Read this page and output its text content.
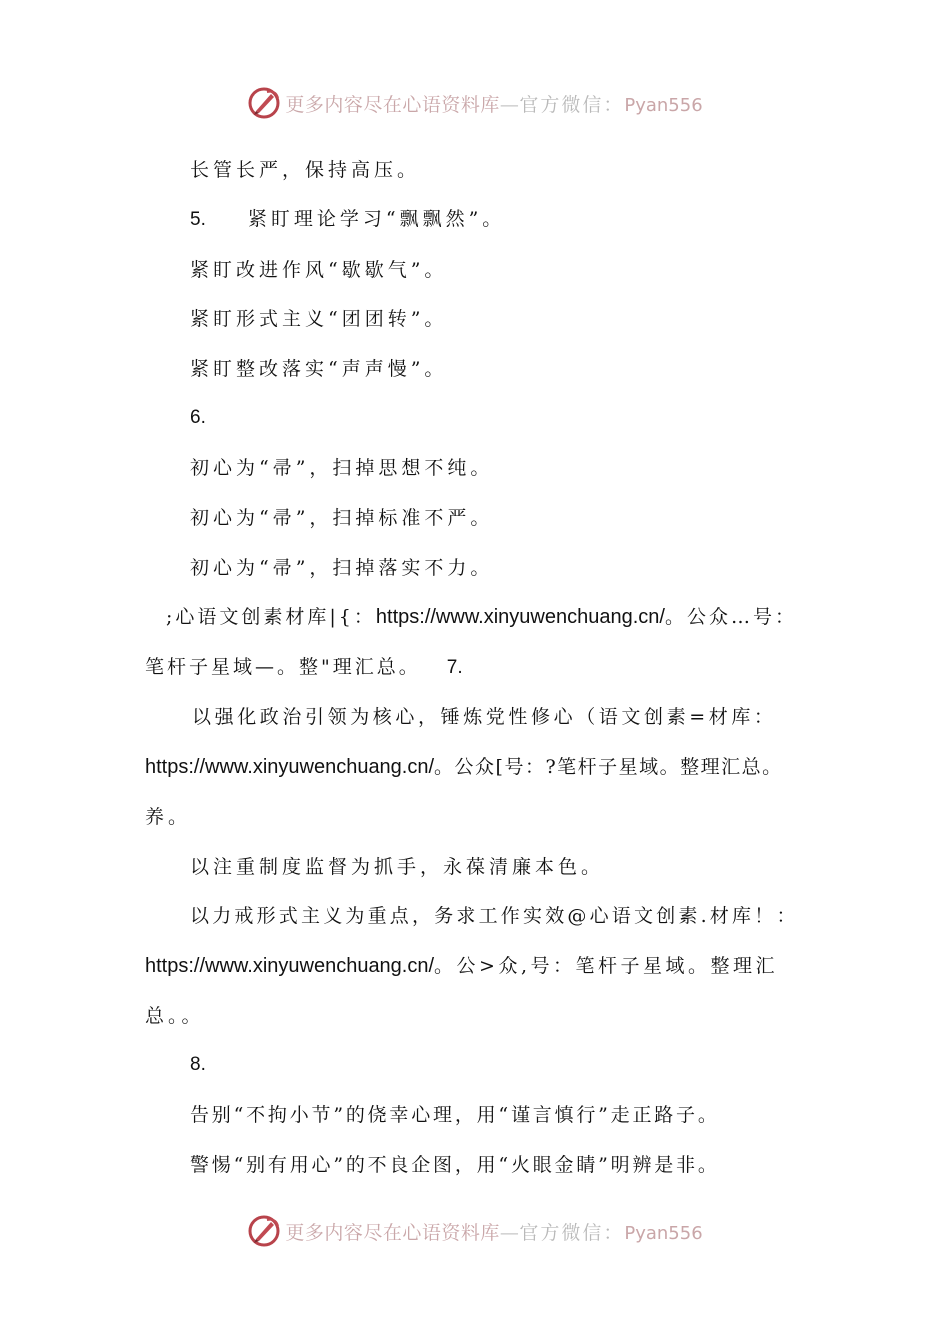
更多内容尽在心语资料库—官方微信：Pyan556
长管长严，保持高压。
5. 紧盯理论学习“飘飘然”。
紧盯改进作风“歇歇气”。
紧盯形式主义“团团转”。
紧盯整改落实“声声慢”。
6.
初心为“帚”，扫掉思想不纯。
初心为“帚”，扫掉标准不严。
初心为“帚”，扫掉落实不力。
;心语文创素材库|{：https://www.xinyuwenchuang.cn/。公众…号：
笔杆子星域—。整"理汇总。 7.
以强化政治引领为核心，锤炼党性修心（语文创素=材库：
https://www.xinyuwenchuang.cn/。公众[号：?笔杆子星域。整理汇总。
养。
以注重制度监督为抓手，永葆清廉本色。
以力戒形式主义为重点，务求工作实效@心语文创素.材库！：
https://www.xinyuwenchuang.cn/。公>众,号：笔杆子星域。整理汇
总。。
8.
告别“不拘小节”的侥幸心理，用“谨言慎行”走正路子。
警惕“别有用心”的不良企图，用“火眼金睛”明辨是非。
更多内容尽在心语资料库—官方微信：Pyan556
